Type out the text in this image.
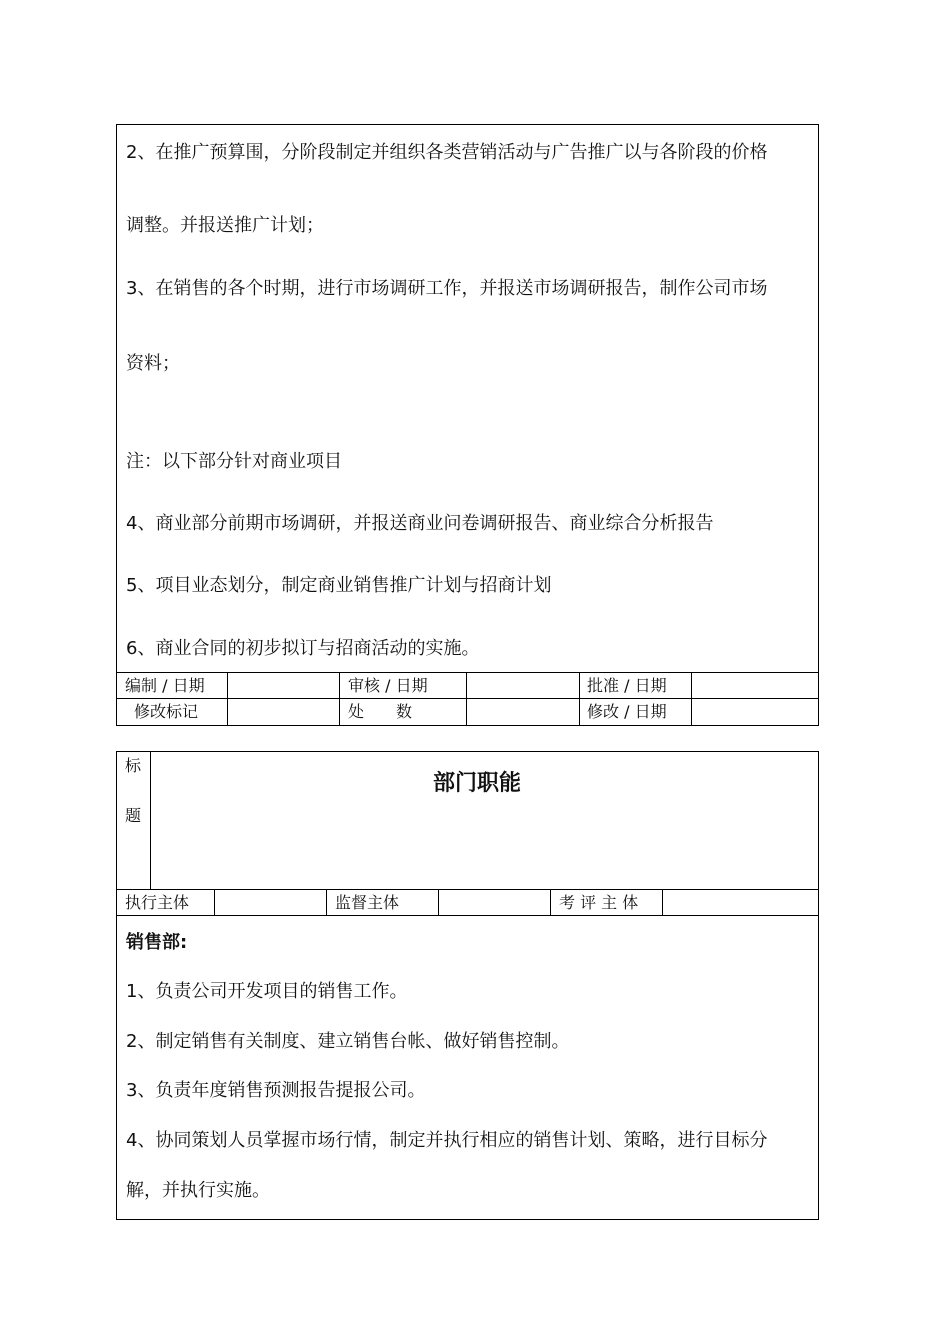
2、在推广预算围，分阶段制定并组织各类营销活动与广告推广以与各阶段的价格
调整。并报送推广计划；
3、在销售的各个时期，进行市场调研工作，并报送市场调研报告，制作公司市场
资料；
注：以下部分针对商业项目
4、商业部分前期市场调研，并报送商业问卷调研报告、商业综合分析报告
5、项目业态划分，制定商业销售推广计划与招商计划
6、商业合同的初步拟订与招商活动的实施。
编制 / 日期	审核 / 日期	批准 / 日期
修改标记	处　　数	修改 / 日期
标
题
部门职能
执行主体	监督主体	考 评 主 体
销售部:
1、负责公司开发项目的销售工作。
2、制定销售有关制度、建立销售台帐、做好销售控制。
3、负责年度销售预测报告提报公司。
4、协同策划人员掌握市场行情，制定并执行相应的销售计划、策略，进行目标分
解，并执行实施。
